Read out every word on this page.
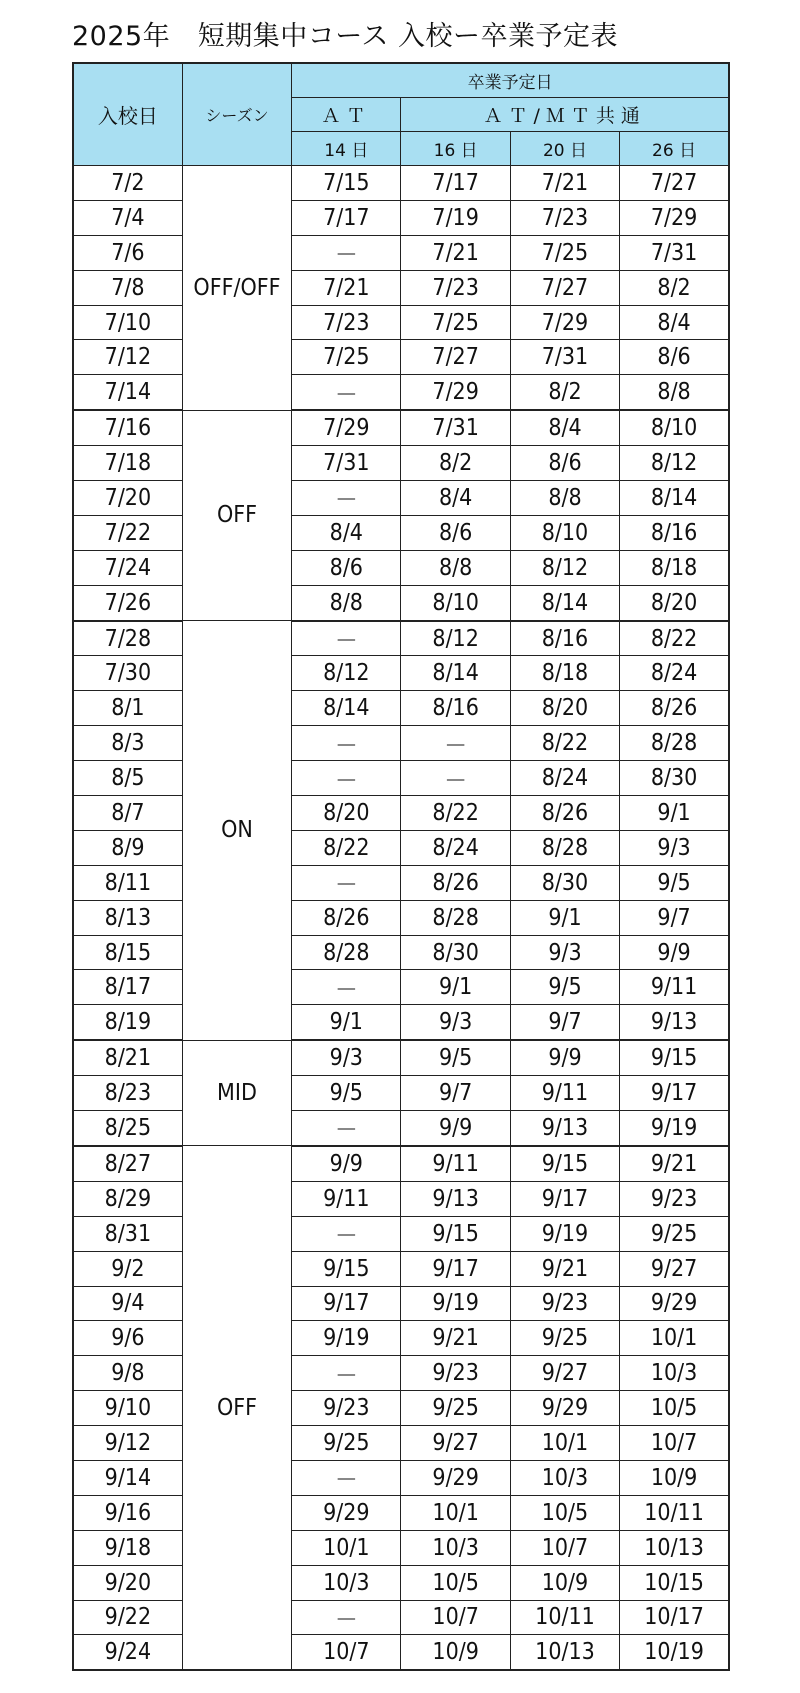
2025年　短期集中コース 入校ー卒業予定表
入校日	シーズン	卒業予定日			
		ＡＴ	ＡＴ/ＭＴ共通		
		14 日	16 日	20 日	26 日
7/2	OFF/OFF	7/15	7/17	7/21	7/27
7/4		7/17	7/19	7/23	7/29
7/6		－	7/21	7/25	7/31
7/8		7/21	7/23	7/27	8/2
7/10		7/23	7/25	7/29	8/4
7/12		7/25	7/27	7/31	8/6
7/14		－	7/29	8/2	8/8
7/16	OFF	7/29	7/31	8/4	8/10
7/18		7/31	8/2	8/6	8/12
7/20		－	8/4	8/8	8/14
7/22		8/4	8/6	8/10	8/16
7/24		8/6	8/8	8/12	8/18
7/26		8/8	8/10	8/14	8/20
7/28	ON	－	8/12	8/16	8/22
7/30		8/12	8/14	8/18	8/24
8/1		8/14	8/16	8/20	8/26
8/3		－	－	8/22	8/28
8/5		－	－	8/24	8/30
8/7		8/20	8/22	8/26	9/1
8/9		8/22	8/24	8/28	9/3
8/11		－	8/26	8/30	9/5
8/13		8/26	8/28	9/1	9/7
8/15		8/28	8/30	9/3	9/9
8/17		－	9/1	9/5	9/11
8/19		9/1	9/3	9/7	9/13
8/21	MID	9/3	9/5	9/9	9/15
8/23		9/5	9/7	9/11	9/17
8/25		－	9/9	9/13	9/19
8/27	OFF	9/9	9/11	9/15	9/21
8/29		9/11	9/13	9/17	9/23
8/31		－	9/15	9/19	9/25
9/2		9/15	9/17	9/21	9/27
9/4		9/17	9/19	9/23	9/29
9/6		9/19	9/21	9/25	10/1
9/8		－	9/23	9/27	10/3
9/10		9/23	9/25	9/29	10/5
9/12		9/25	9/27	10/1	10/7
9/14		－	9/29	10/3	10/9
9/16		9/29	10/1	10/5	10/11
9/18		10/1	10/3	10/7	10/13
9/20		10/3	10/5	10/9	10/15
9/22		－	10/7	10/11	10/17
9/24		10/7	10/9	10/13	10/19
